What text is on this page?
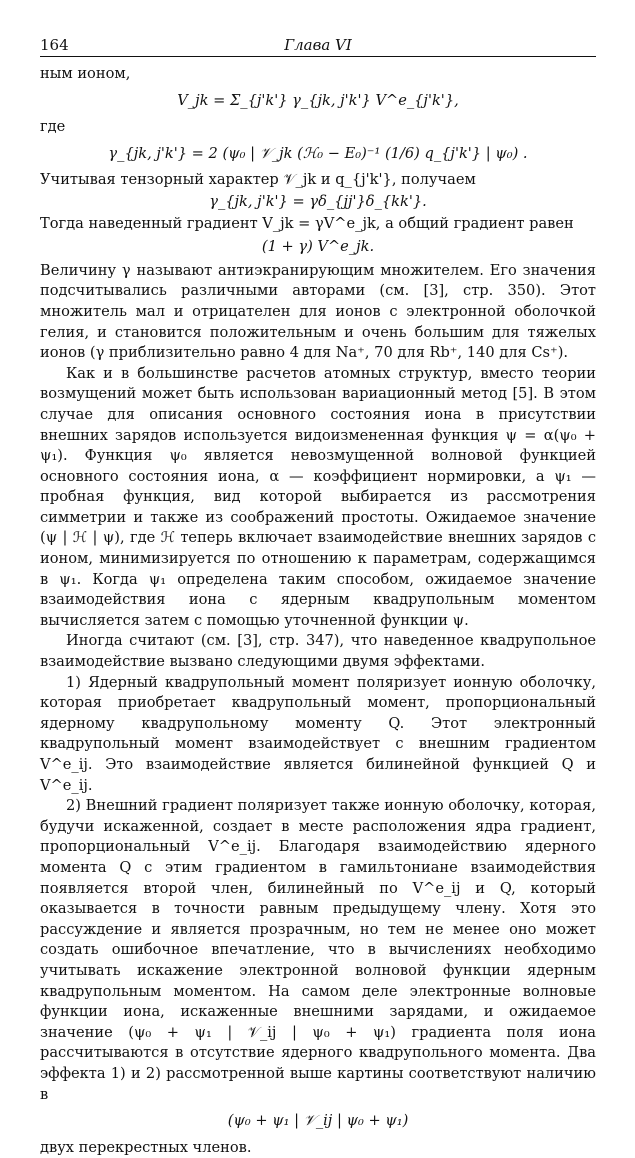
164	Глава VI

ным ионом,

V_jk = Σ_{j'k'} γ_{jk, j'k'} V^e_{j'k'},

где

γ_{jk, j'k'} = 2 (ψ₀ | 𝒱_jk (ℋ₀ − E₀)⁻¹ (1/6) q_{j'k'} | ψ₀) .

Учитывая тензорный характер 𝒱_jk и q_{j'k'}, получаем

γ_{jk, j'k'} = γδ_{jj'}δ_{kk'}.

Тогда наведенный градиент V_jk = γV^e_jk, а общий градиент равен

(1 + γ) V^e_jk.

Величину γ называют антиэкранирующим множителем. Его значения подсчитывались различными авторами (см. [3], стр. 350). Этот множитель мал и отрицателен для ионов с электронной оболочкой гелия, и становится положительным и очень большим для тяжелых ионов (γ приблизительно равно 4 для Na⁺, 70 для Rb⁺, 140 для Cs⁺).

Как и в большинстве расчетов атомных структур, вместо теории возмущений может быть использован вариационный метод [5]. В этом случае для описания основного состояния иона в присутствии внешних зарядов используется видоизмененная функция ψ = α(ψ₀ + ψ₁). Функция ψ₀ является невозмущенной волновой функцией основного состояния иона, α — коэффициент нормировки, а ψ₁ — пробная функция, вид которой выбирается из рассмотрения симметрии и также из соображений простоты. Ожидаемое значение (ψ | ℋ | ψ), где ℋ теперь включает взаимодействие внешних зарядов с ионом, минимизируется по отношению к параметрам, содержащимся в ψ₁. Когда ψ₁ определена таким способом, ожидаемое значение взаимодействия иона с ядерным квадрупольным моментом вычисляется затем с помощью уточненной функции ψ.

Иногда считают (см. [3], стр. 347), что наведенное квадрупольное взаимодействие вызвано следующими двумя эффектами.

1) Ядерный квадрупольный момент поляризует ионную оболочку, которая приобретает квадрупольный момент, пропорциональный ядерному квадрупольному моменту Q. Этот электронный квадрупольный момент взаимодействует с внешним градиентом V^e_ij. Это взаимодействие является билинейной функцией Q и V^e_ij.

2) Внешний градиент поляризует также ионную оболочку, которая, будучи искаженной, создает в месте расположения ядра градиент, пропорциональный V^e_ij. Благодаря взаимодействию ядерного момента Q с этим градиентом в гамильтониане взаимодействия появляется второй член, билинейный по V^e_ij и Q, который оказывается в точности равным предыдущему члену. Хотя это рассуждение и является прозрачным, но тем не менее оно может создать ошибочное впечатление, что в вычислениях необходимо учитывать искажение электронной волновой функции ядерным квадрупольным моментом. На самом деле электронные волновые функции иона, искаженные внешними зарядами, и ожидаемое значение (ψ₀ + ψ₁ | 𝒱_ij | ψ₀ + ψ₁) градиента поля иона рассчитываются в отсутствие ядерного квадрупольного момента. Два эффекта 1) и 2) рассмотренной выше картины соответствуют наличию в

(ψ₀ + ψ₁ | 𝒱_ij | ψ₀ + ψ₁)

двух перекрестных членов.
